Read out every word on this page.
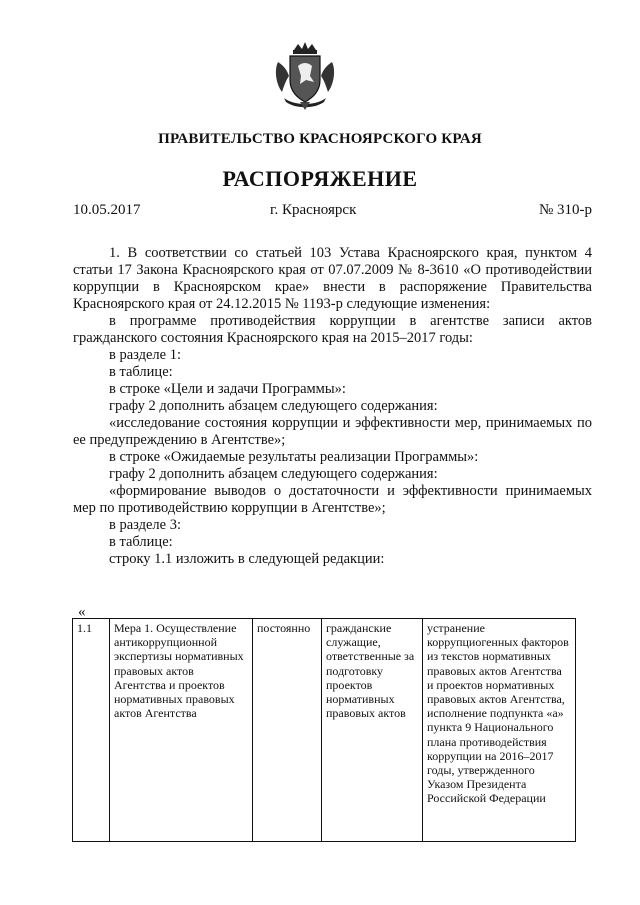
ПРАВИТЕЛЬСТВО КРАСНОЯРСКОГО КРАЯ
РАСПОРЯЖЕНИЕ
10.05.2017	г. Красноярск	№ 310-р

1. В соответствии со статьей 103 Устава Красноярского края, пунктом 4 статьи 17 Закона Красноярского края от 07.07.2009 № 8-3610 «О противодействии коррупции в Красноярском крае» внести в распоряжение Правительства Красноярского края от 24.12.2015 № 1193-р следующие изменения:

в программе противодействия коррупции в агентстве записи актов гражданского состояния Красноярского края на 2015–2017 годы:

в разделе 1:

в таблице:

в строке «Цели и задачи Программы»:

графу 2 дополнить абзацем следующего содержания:

«исследование состояния коррупции и эффективности мер, принимаемых по ее предупреждению в Агентстве»;

в строке «Ожидаемые результаты реализации Программы»:

графу 2 дополнить абзацем следующего содержания:

«формирование выводов о достаточности и эффективности принимаемых мер по противодействию коррупции в Агентстве»;

в разделе 3:

в таблице:

строку 1.1 изложить в следующей редакции:

«
1.1	Мера 1. Осуществление антикоррупционной экспертизы нормативных правовых актов Агентства и проектов нормативных правовых актов Агентства	постоянно	гражданские служащие, ответственные за подготовку проектов нормативных правовых актов	устранение коррупциогенных факторов из текстов нормативных правовых актов Агентства и проектов нормативных правовых актов Агентства, исполнение подпункта «а» пункта 9 Национального плана противодействия коррупции на 2016–2017 годы, утвержденного Указом Президента Российской Федерации
